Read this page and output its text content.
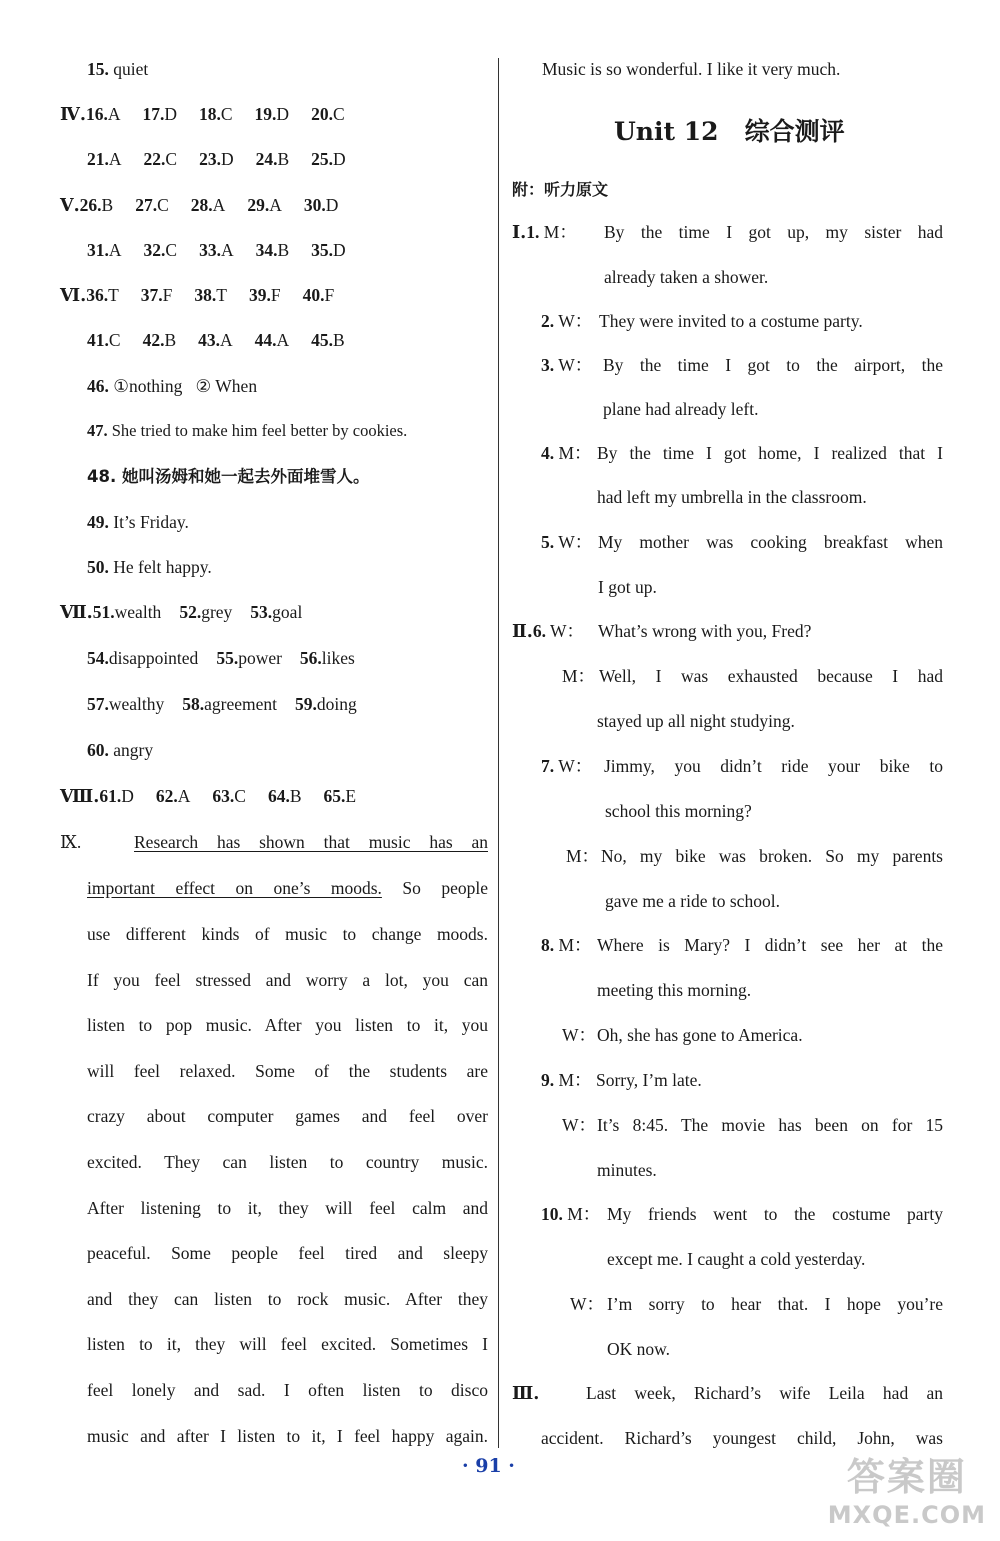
15. quiet
Ⅳ.16.A 17.D 18.C 19.D 20.C
21.A 22.C 23.D 24.B 25.D
Ⅴ.26.B 27.C 28.A 29.A 30.D
31.A 32.C 33.A 34.B 35.D
Ⅵ.36.T 37.F 38.T 39.F 40.F
41.C 42.B 43.A 44.A 45.B
46. ①nothing   ② When
47. She tried to make him feel better by cookies.
48. 她叫汤姆和她一起去外面堆雪人。
49. It’s Friday.
50. He felt happy.
Ⅶ.51.wealth 52.grey 53.goal
54.disappointed 55.power 56.likes
57.wealthy 58.agreement 59.doing
60. angry
Ⅷ.61.D 62.A 63.C 64.B 65.E
Ⅸ.	Research has shown that music has an
important effect on one’s moods. So people
use different kinds of music to change moods.
If you feel stressed and worry a lot, you can
listen to pop music. After you listen to it, you
will feel relaxed. Some of the students are
crazy about computer games and feel over
excited. They can listen to country music.
After listening to it, they will feel calm and
peaceful. Some people feel tired and sleepy
and they can listen to rock music. After they
listen to it, they will feel excited. Sometimes I
feel lonely and sad. I often listen to disco
music and after I listen to it, I feel happy again.
Music is so wonderful. I like it very much.
Unit 12   综合测评
附：听力原文
Ⅰ.1. M： By the time I got up, my sister had
already taken a shower.
2. W： They were invited to a costume party.
3. W： By the time I got to the airport, the
plane had already left.
4. M： By the time I got home, I realized that I
had left my umbrella in the classroom.
5. W： My mother was cooking breakfast when
I got up.
Ⅱ.6. W： What’s wrong with you, Fred?
M： Well, I was exhausted because I had
stayed up all night studying.
7. W： Jimmy, you didn’t ride your bike to
school this morning?
M： No, my bike was broken. So my parents
gave me a ride to school.
8. M： Where is Mary? I didn’t see her at the
meeting this morning.
W： Oh, she has gone to America.
9. M： Sorry, I’m late.
W： It’s 8:45. The movie has been on for 15
minutes.
10. M： My friends went to the costume party
except me. I caught a cold yesterday.
W： I’m sorry to hear that. I hope you’re
OK now.
Ⅲ.	Last week, Richard’s wife Leila had an
accident. Richard’s youngest child, John, was
· 91 ·	答案圈
MXQE.COM
